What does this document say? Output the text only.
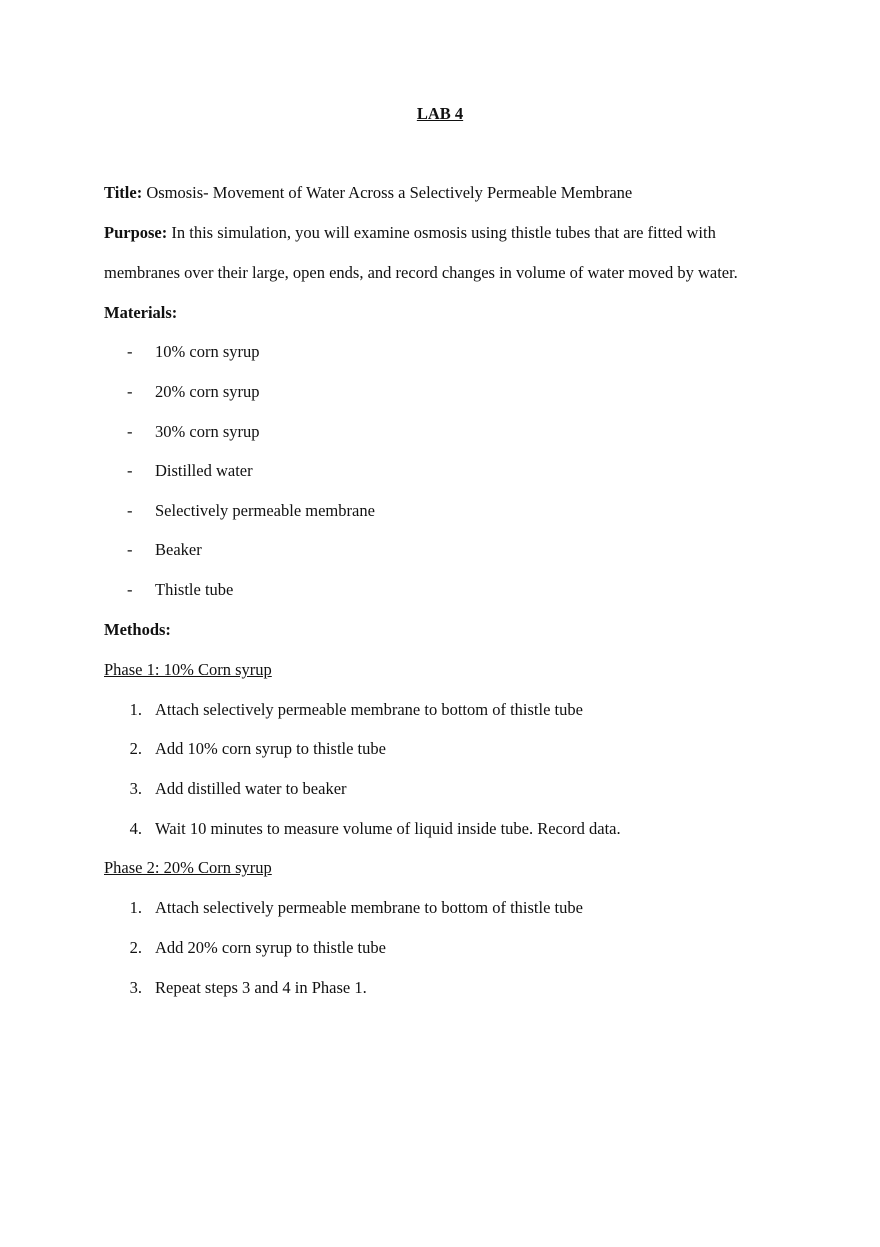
LAB 4
Title: Osmosis- Movement of Water Across a Selectively Permeable Membrane
Purpose: In this simulation, you will examine osmosis using thistle tubes that are fitted with
membranes over their large, open ends, and record changes in volume of water moved by water.
Materials:
- 10% corn syrup
- 20% corn syrup
- 30% corn syrup
- Distilled water
- Selectively permeable membrane
- Beaker
- Thistle tube
Methods:
Phase 1: 10% Corn syrup
1. Attach selectively permeable membrane to bottom of thistle tube
2. Add 10% corn syrup to thistle tube
3. Add distilled water to beaker
4. Wait 10 minutes to measure volume of liquid inside tube. Record data.
Phase 2: 20% Corn syrup
1. Attach selectively permeable membrane to bottom of thistle tube
2. Add 20% corn syrup to thistle tube
3. Repeat steps 3 and 4 in Phase 1.
